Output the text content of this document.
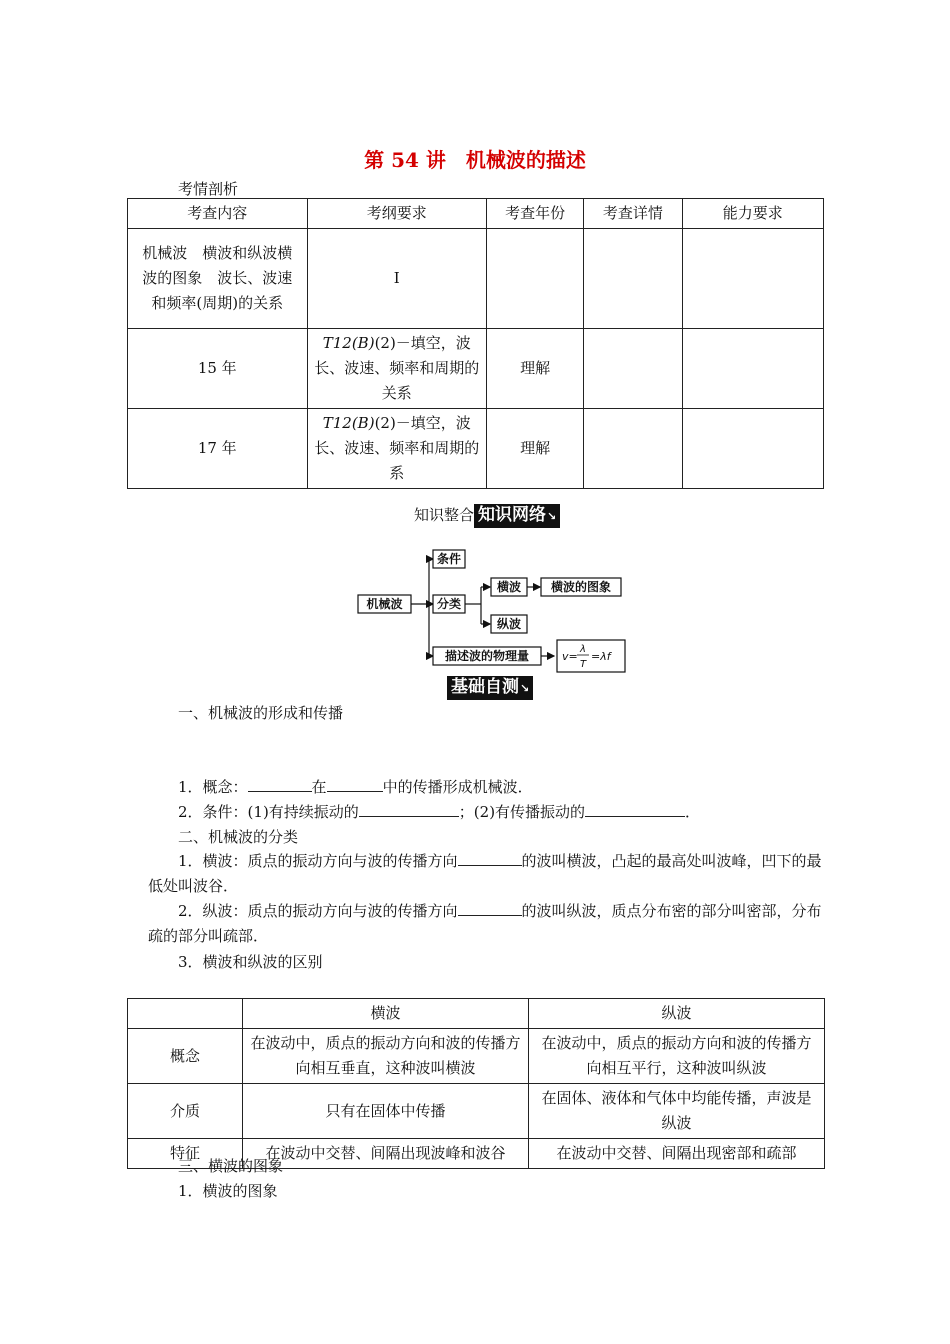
第 54 讲　机械波的描述
考情剖析
考查内容	考纲要求	考查年份	考查详情	能力要求
机械波　横波和纵波横波的图象　波长、波速和频率(周期)的关系	Ⅰ			
15 年	T12(B)(2)－填空，波长、波速、频率和周期的关系	理解		
17 年	T12(B)(2)－填空，波长、波速、频率和周期的系	理解		
知识整合 知识网络↘
机械波
条件
分类
横波
纵波
横波的图象
描述波的物理量	v=
λ
T
=λf
基础自测↘
一、机械波的形成和传播
1．概念：	在	中的传播形成机械波．
2．条件：(1)有持续振动的	；(2)有传播振动的	．
二、机械波的分类
1．横波：质点的振动方向与波的传播方向	的波叫横波，凸起的最高处叫波峰，凹下的最低处叫波谷．
2．纵波：质点的振动方向与波的传播方向	的波叫纵波，质点分布密的部分叫密部，分布疏的部分叫疏部．
3．横波和纵波的区别
	横波	纵波
概念	在波动中，质点的振动方向和波的传播方向相互垂直，这种波叫横波	在波动中，质点的振动方向和波的传播方向相互平行，这种波叫纵波
介质	只有在固体中传播	在固体、液体和气体中均能传播，声波是纵波
特征	在波动中交替、间隔出现波峰和波谷	在波动中交替、间隔出现密部和疏部
三、横波的图象
1．横波的图象
